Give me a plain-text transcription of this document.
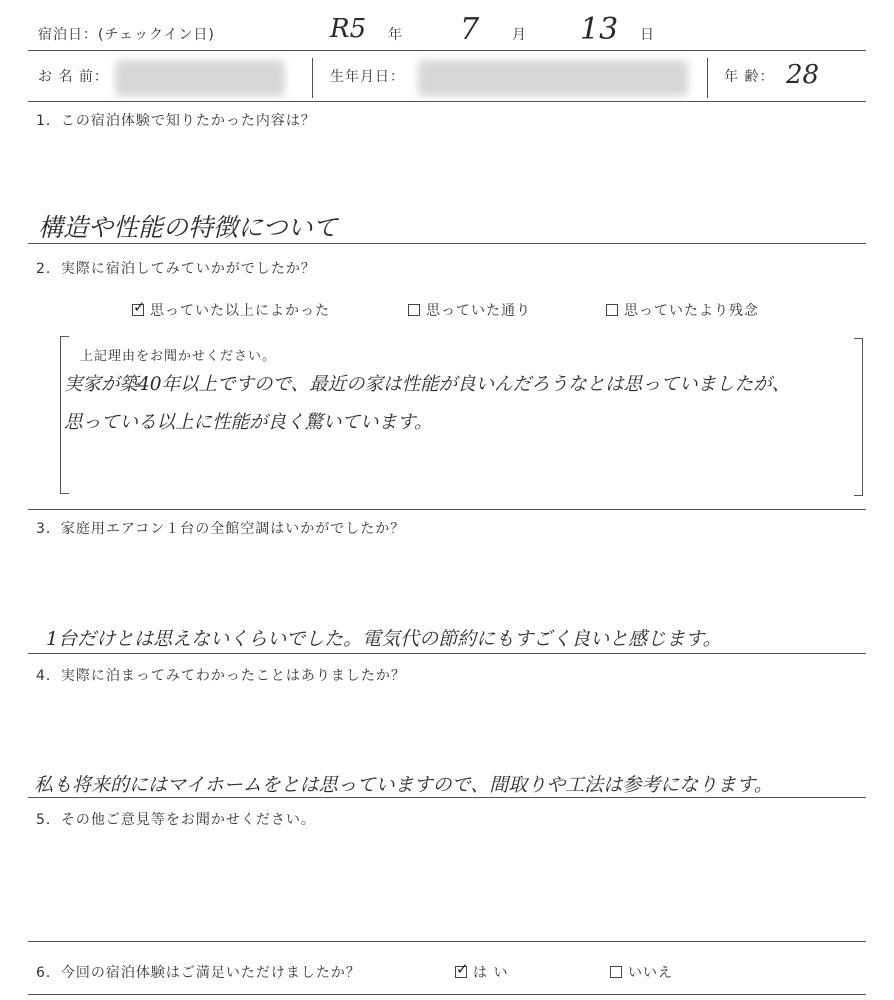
宿泊日：(チェックイン日)	R5 年 7 月 13 日
お 名 前：	生年月日：	年 齢： 28
1．この宿泊体験で知りたかった内容は？
構造や性能の特徴について
2．実際に宿泊してみていかがでしたか？
✓思っていた以上によかった	思っていた通り	思っていたより残念
上記理由をお聞かせください。
実家が築40年以上ですので、最近の家は性能が良いんだろうなとは思っていましたが、
思っている以上に性能が良く驚いています。
3．家庭用エアコン１台の全館空調はいかがでしたか？
1台だけとは思えないくらいでした。電気代の節約にもすごく良いと感じます。
4．実際に泊まってみてわかったことはありましたか？
私も将来的にはマイホームをとは思っていますので、間取りや工法は参考になります。
5．その他ご意見等をお聞かせください。
6．今回の宿泊体験はご満足いただけましたか？
✓	は い	いいえ
